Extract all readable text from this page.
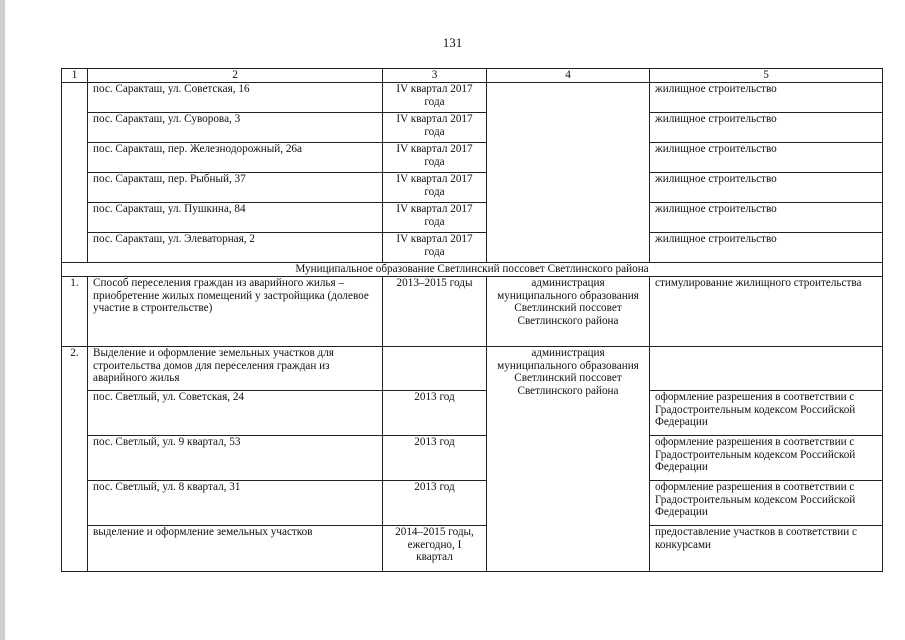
131
1	2	3	4	5
	пос. Саракташ, ул. Советская, 16	IV квартал 2017 года		жилищное строительство
	пос. Саракташ, ул. Суворова, 3	IV квартал 2017 года		жилищное строительство
	пос. Саракташ, пер. Железнодорожный, 26а	IV квартал 2017 года		жилищное строительство
	пос. Саракташ, пер. Рыбный, 37	IV квартал 2017 года		жилищное строительство
	пос. Саракташ, ул. Пушкина, 84	IV квартал 2017 года		жилищное строительство
	пос. Саракташ, ул. Элеваторная, 2	IV квартал 2017 года		жилищное строительство
Муниципальное образование Светлинский поссовет Светлинского района				
1.	Способ переселения граждан из аварийного жилья – приобретение жилых помещений у застройщика (долевое участие в строительстве)	2013–2015 годы	администрация муниципального образования Светлинский поссовет Светлинского района	стимулирование жилищного строительства
2.	Выделение и оформление земельных участков для строительства домов для переселения граждан из аварийного жилья		администрация муниципального образования Светлинский поссовет Светлинского района	
	пос. Светлый, ул. Советская, 24	2013 год		оформление разрешения в соответствии с Градостроительным кодексом Российской Федерации
	пос. Светлый, ул. 9 квартал, 53	2013 год		оформление разрешения в соответствии с Градостроительным кодексом Российской Федерации
	пос. Светлый, ул. 8 квартал, 31	2013 год		оформление разрешения в соответствии с Градостроительным кодексом Российской Федерации
	выделение и оформление земельных участков	2014–2015 годы, ежегодно, I квартал		предоставление участков в соответствии с конкурсами
